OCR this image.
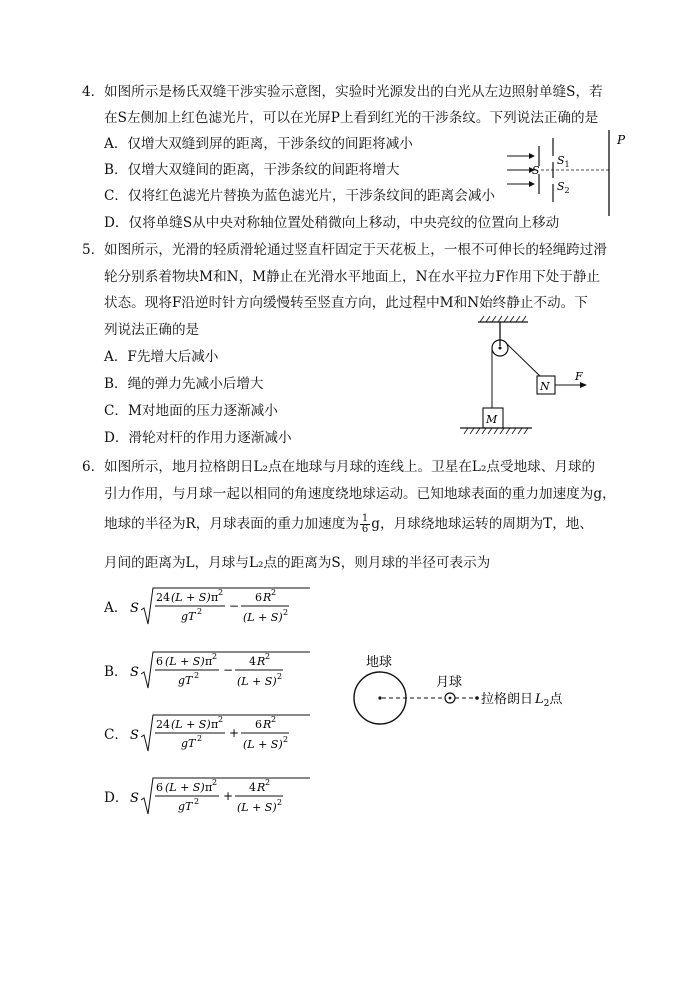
4．如图所示是杨氏双缝干涉实验示意图，实验时光源发出的白光从左边照射单缝S，若
在S左侧加上红色滤光片，可以在光屏P上看到红光的干涉条纹。下列说法正确的是
A．仅增大双缝到屏的距离，干涉条纹的间距将减小
B．仅增大双缝间的距离，干涉条纹的间距将增大
C．仅将红色滤光片替换为蓝色滤光片，干涉条纹间的距离会减小
D．仅将单缝S从中央对称轴位置处稍微向上移动，中央亮纹的位置向上移动
S
$S_1$
$S_2$
P
5．如图所示，光滑的轻质滑轮通过竖直杆固定于天花板上，一根不可伸长的轻绳跨过滑
轮分别系着物块M和N，M静止在光滑水平地面上，N在水平拉力F作用下处于静止
状态。现将F沿逆时针方向缓慢转至竖直方向，此过程中M和N始终静止不动。下
列说法正确的是
A．F先增大后减小
B．绳的弹力先减小后增大
C．M对地面的压力逐渐减小
D．滑轮对杆的作用力逐渐减小
N
F
M
6．如图所示，地月拉格朗日L₂点在地球与月球的连线上。卫星在L₂点受地球、月球的
引力作用，与月球一起以相同的角速度绕地球运动。已知地球表面的重力加速度为g，
地球的半径为R，月球表面的重力加速度为 $\frac{1}{6}$ g，月球绕地球运转的周期为T，地、
月间的距离为L，月球与L₂点的距离为S，则月球的半径可表示为
A． S
24 (L + S) π 2
gT 2 −
6 R 2
(L + S) 2
B． S
6 (L + S) π 2
gT 2 −
4 R 2
(L + S) 2
C． S
24 (L + S) π 2
gT 2 +
6 R 2
(L + S) 2
D． S
6 (L + S) π 2
gT 2 +
4 R 2
(L + S) 2
地球
月球
拉格朗日 $L_2$点
